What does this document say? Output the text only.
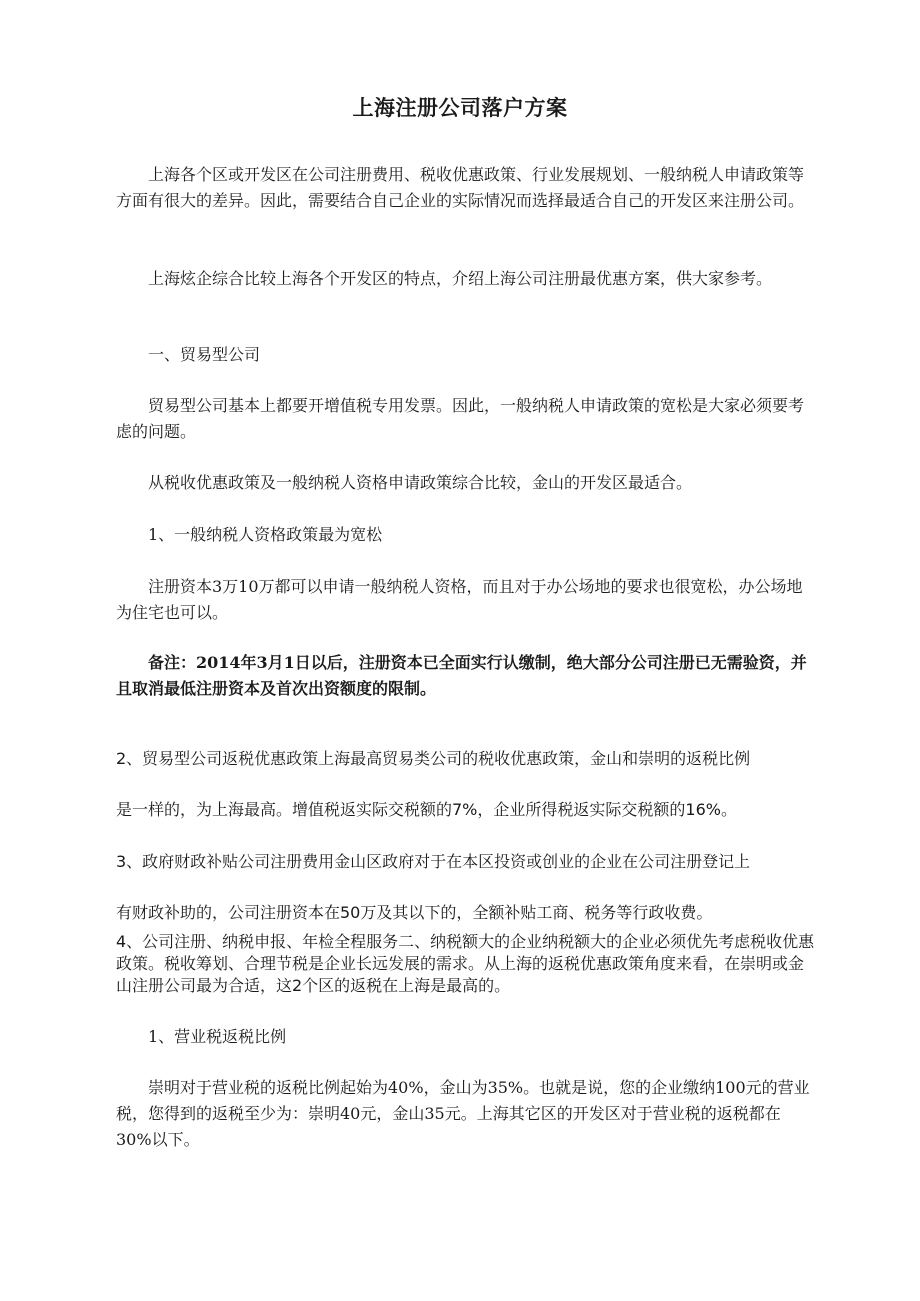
上海注册公司落户方案

上海各个区或开发区在公司注册费用、税收优惠政策、行业发展规划、一般纳税人申请政策等方面有很大的差异。因此，需要结合自己企业的实际情况而选择最适合自己的开发区来注册公司。

上海炫企综合比较上海各个开发区的特点，介绍上海公司注册最优惠方案，供大家参考。

一、贸易型公司

贸易型公司基本上都要开增值税专用发票。因此，一般纳税人申请政策的宽松是大家必须要考虑的问题。

从税收优惠政策及一般纳税人资格申请政策综合比较，金山的开发区最适合。

1、一般纳税人资格政策最为宽松

注册资本3万10万都可以申请一般纳税人资格，而且对于办公场地的要求也很宽松，办公场地为住宅也可以。

备注：2014年3月1日以后，注册资本已全面实行认缴制，绝大部分公司注册已无需验资，并且取消最低注册资本及首次出资额度的限制。

2、贸易型公司返税优惠政策上海最高贸易类公司的税收优惠政策，金山和崇明的返税比例

是一样的，为上海最高。增值税返实际交税额的7%，企业所得税返实际交税额的16%。

3、政府财政补贴公司注册费用金山区政府对于在本区投资或创业的企业在公司注册登记上

有财政补助的，公司注册资本在50万及其以下的，全额补贴工商、税务等行政收费。

4、公司注册、纳税申报、年检全程服务二、纳税额大的企业纳税额大的企业必须优先考虑税收优惠政策。税收筹划、合理节税是企业长远发展的需求。从上海的返税优惠政策角度来看，在崇明或金山注册公司最为合适，这2个区的返税在上海是最高的。

1、营业税返税比例

崇明对于营业税的返税比例起始为40%，金山为35%。也就是说，您的企业缴纳100元的营业税，您得到的返税至少为：崇明40元，金山35元。上海其它区的开发区对于营业税的返税都在30%以下。
